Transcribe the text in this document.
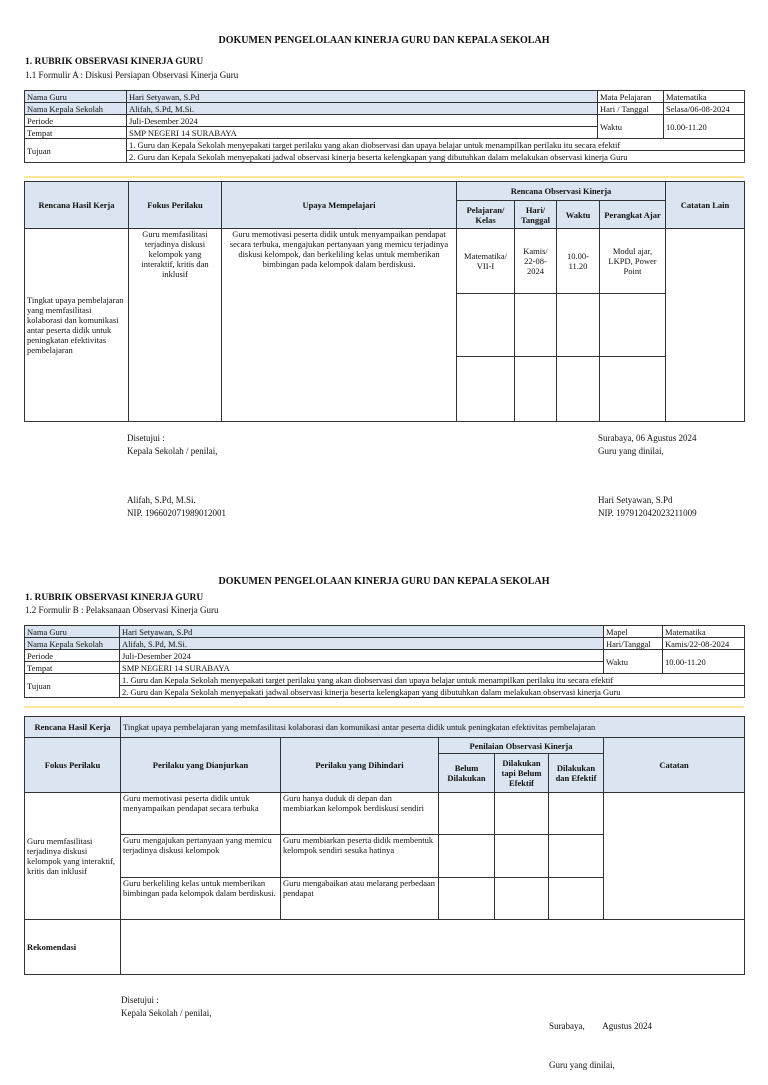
DOKUMEN PENGELOLAAN KINERJA GURU DAN KEPALA SEKOLAH
1. RUBRIK OBSERVASI KINERJA GURU
1.1 Formulir A : Diskusi Persiapan Observasi Kinerja Guru
Nama Guru	Hari Setyawan, S.Pd	Mata Pelajaran	Matematika
Nama Kepala Sekolah	Alifah, S.Pd, M.Si.	Hari / Tanggal	Selasa/06-08-2024
Periode	Juli-Desember 2024	Waktu	10.00-11.20
Tempat	SMP NEGERI 14 SURABAYA		
Tujuan	1. Guru dan Kepala Sekolah menyepakati target perilaku yang akan diobservasi dan upaya belajar untuk menampilkan perilaku itu secara efektif		
	2. Guru dan Kepala Sekolah menyepakati jadwal observasi kinerja beserta kelengkapan yang dibutuhkan dalam melakukan observasi kinerja Guru		
Rencana Hasil Kerja	Fokus Perilaku	Upaya Mempelajari	Rencana Observasi Kinerja				Catatan Lain
			Pelajaran/ Kelas	Hari/ Tanggal	Waktu	Perangkat Ajar	
Tingkat upaya pembelajaran yang memfasilitasi kolaborasi dan komunikasi antar peserta didik untuk peningkatan efektivitas pembelajaran	Guru memfasilitasi terjadinya diskusi kelompok yang interaktif, kritis dan inklusif	Guru memotivasi peserta didik untuk menyampaikan pendapat secara terbuka, mengajukan pertanyaan yang memicu terjadinya diskusi kelompok, dan berkeliling kelas untuk memberikan bimbingan pada kelompok dalam berdiskusi.	Matematika/ VII-I	Kamis/ 22-08-2024	10.00-11.20	Modul ajar, LKPD, Power Point	

Disetujui :
Kepala Sekolah / penilai,
Alifah, S.Pd, M.Si.
NIP. 196602071989012001
Surabaya, 06 Agustus 2024
Guru yang dinilai,
Hari Setyawan, S.Pd
NIP. 197912042023211009
DOKUMEN PENGELOLAAN KINERJA GURU DAN KEPALA SEKOLAH
1. RUBRIK OBSERVASI KINERJA GURU
1.2 Formulir B : Pelaksanaan Observasi Kinerja Guru
Nama Guru	Hari Setyawan, S.Pd	Mapel	Matematika
Nama Kepala Sekolah	Alifah, S.Pd, M.Si.	Hari/Tanggal	Kamis/22-08-2024
Periode	Juli-Desember 2024	Waktu	10.00-11.20
Tempat	SMP NEGERI 14 SURABAYA		
Tujuan	1. Guru dan Kepala Sekolah menyepakati target perilaku yang akan diobservasi dan upaya belajar untuk menampilkan perilaku itu secara efektif		
	2. Guru dan Kepala Sekolah menyepakati jadwal observasi kinerja beserta kelengkapan yang dibutuhkan dalam melakukan observasi kinerja Guru		
Rencana Hasil Kerja	Tingkat upaya pembelajaran yang memfasilitasi kolaborasi dan komunikasi antar peserta didik untuk peningkatan efektivitas pembelajaran					
Fokus Perilaku	Perilaku yang Dianjurkan	Perilaku yang Dihindari	Penilaian Observasi Kinerja			Catatan
			Belum Dilakukan	Dilakukan tapi Belum Efektif	Dilakukan dan Efektif	
Guru memfasilitasi terjadinya diskusi kelompok yang interaktif, kritis dan inklusif	Guru memotivasi peserta didik untuk menyampaikan pendapat secara terbuka	Guru hanya duduk di depan dan membiarkan kelompok berdiskusi sendiri				
	Guru mengajukan pertanyaan yang memicu terjadinya diskusi kelompok	Guru membiarkan peserta didik membentuk kelompok sendiri sesuka hatinya				
	Guru berkeliling kelas untuk memberikan bimbingan pada kelompok dalam berdiskusi.	Guru mengabaikan atau melarang perbedaan pendapat				
Rekomendasi						
Disetujui :
Kepala Sekolah / penilai,

Surabaya,        Agustus 2024

Guru yang dinilai,
